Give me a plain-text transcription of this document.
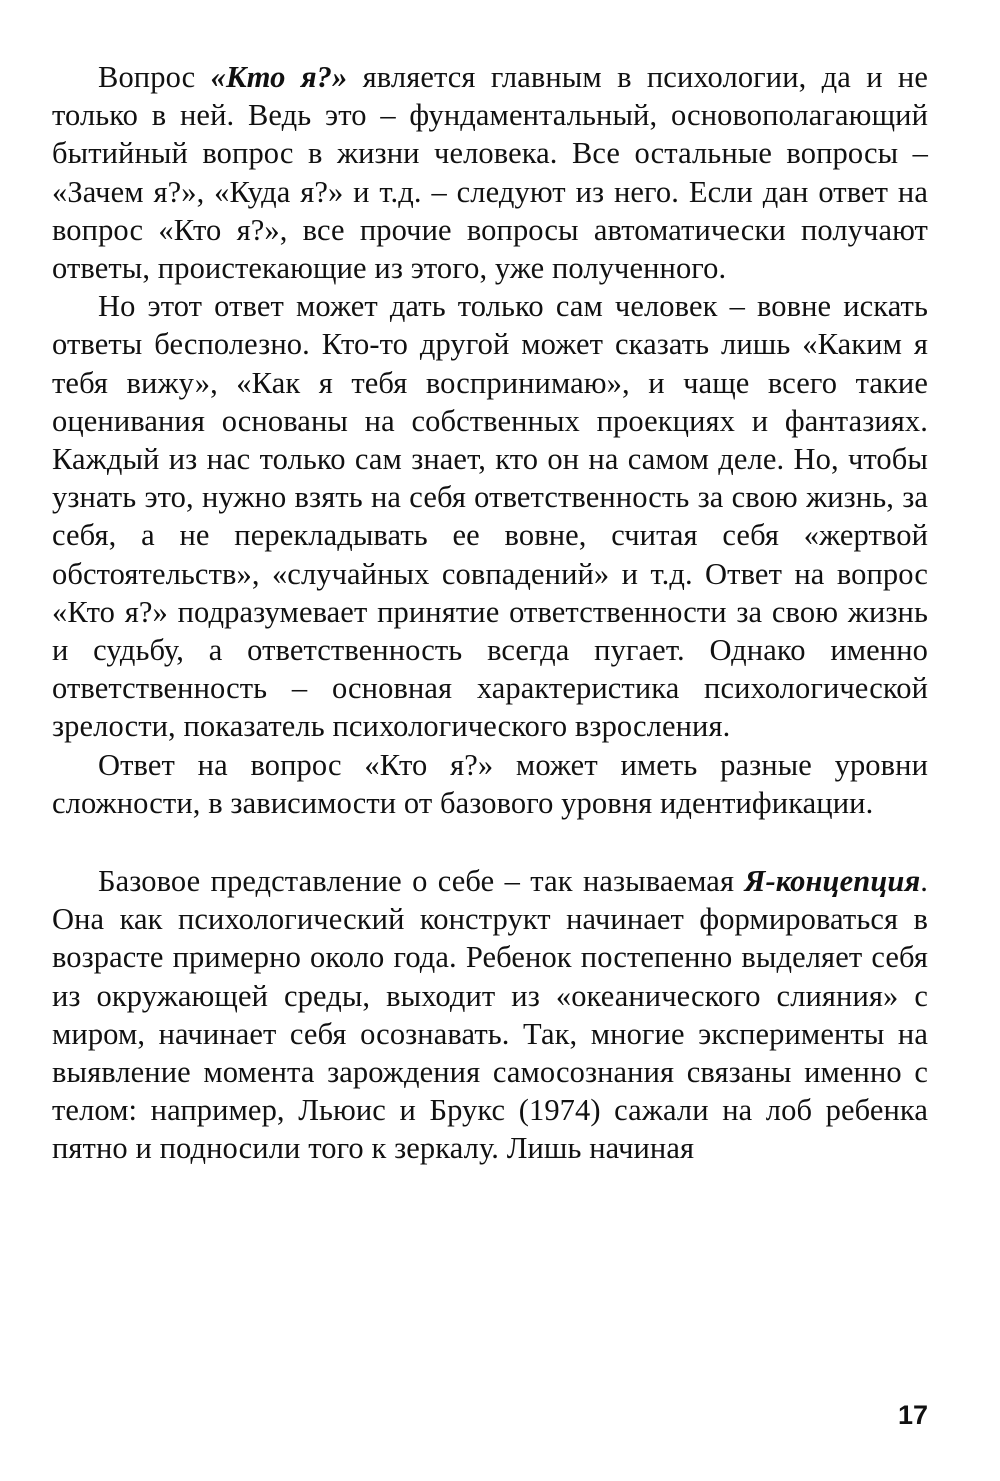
Вопрос «Кто я?» является главным в психологии, да и не только в ней. Ведь это – фундаментальный, основополагающий бытийный вопрос в жизни человека. Все остальные вопросы – «Зачем я?», «Куда я?» и т.д. – следуют из него. Если дан ответ на вопрос «Кто я?», все прочие вопросы автоматически получают ответы, проистекающие из этого, уже полученного.

Но этот ответ может дать только сам человек – вовне искать ответы бесполезно. Кто-то другой может сказать лишь «Каким я тебя вижу», «Как я тебя воспринимаю», и чаще всего такие оценивания основаны на собственных проекциях и фантазиях. Каждый из нас только сам знает, кто он на самом деле. Но, чтобы узнать это, нужно взять на себя ответственность за свою жизнь, за себя, а не перекладывать ее вовне, считая себя «жертвой обстоятельств», «случайных совпадений» и т.д. Ответ на вопрос «Кто я?» подразумевает принятие ответственности за свою жизнь и судьбу, а ответственность всегда пугает. Однако именно ответственность – основная характеристика психологической зрелости, показатель психологического взросления.

Ответ на вопрос «Кто я?» может иметь разные уровни сложности, в зависимости от базового уровня идентификации.

Базовое представление о себе – так называемая Я-концепция. Она как психологический конструкт начинает формироваться в возрасте примерно около года. Ребенок постепенно выделяет себя из окружающей среды, выходит из «океанического слияния» с миром, начинает себя осознавать. Так, многие эксперименты на выявление момента зарождения самосознания связаны именно с телом: например, Льюис и Брукс (1974) сажали на лоб ребенка пятно и подносили того к зеркалу. Лишь начиная

17
